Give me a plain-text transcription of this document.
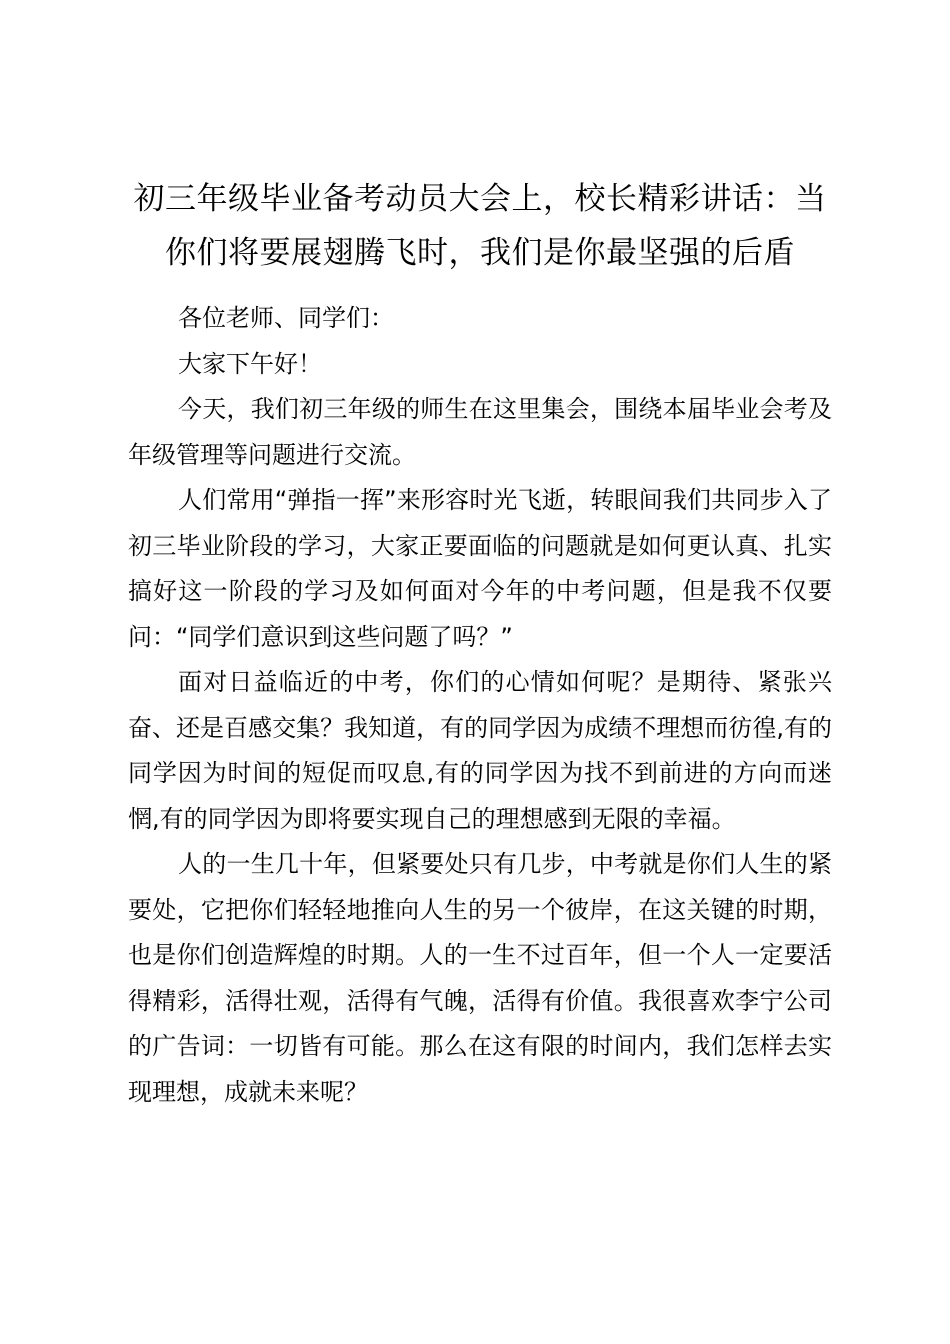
初三年级毕业备考动员大会上，校长精彩讲话：当你们将要展翅腾飞时，我们是你最坚强的后盾

各位老师、同学们：

大家下午好！

今天，我们初三年级的师生在这里集会，围绕本届毕业会考及年级管理等问题进行交流。

人们常用“弹指一挥”来形容时光飞逝，转眼间我们共同步入了初三毕业阶段的学习，大家正要面临的问题就是如何更认真、扎实搞好这一阶段的学习及如何面对今年的中考问题，但是我不仅要问：“同学们意识到这些问题了吗？”

面对日益临近的中考，你们的心情如何呢？是期待、紧张兴奋、还是百感交集？我知道，有的同学因为成绩不理想而彷徨,有的同学因为时间的短促而叹息,有的同学因为找不到前进的方向而迷惘,有的同学因为即将要实现自己的理想感到无限的幸福。

人的一生几十年，但紧要处只有几步，中考就是你们人生的紧要处，它把你们轻轻地推向人生的另一个彼岸，在这关键的时期，也是你们创造辉煌的时期。人的一生不过百年，但一个人一定要活得精彩，活得壮观，活得有气魄，活得有价值。我很喜欢李宁公司的广告词：一切皆有可能。那么在这有限的时间内，我们怎样去实现理想，成就未来呢？
